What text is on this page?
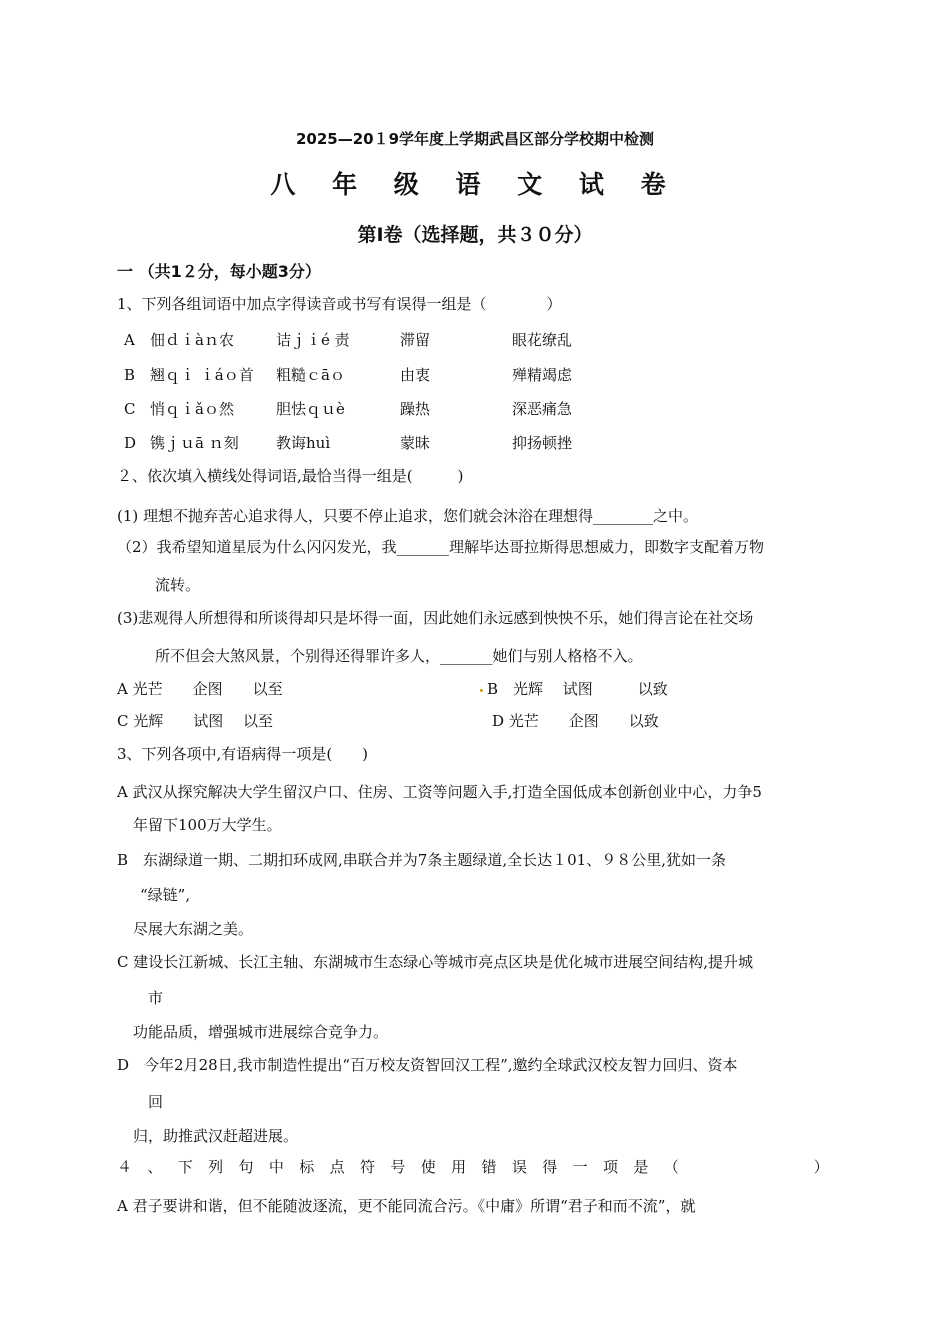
2025—20１9学年度上学期武昌区部分学校期中检测
八 年 级 语 文 试 卷
第I卷（选择题，共３０分）
一 （共1２分，每小题3分）
1、下列各组词语中加点字得读音或书写有误得一组是（　　　　）
A 佃ｄｉàｎ农	诘ｊｉé 责	滞留	眼花缭乱
B 翘ｑｉ ｉáｏ首 粗糙ｃāｏ	由衷	殚精竭虑
C 悄ｑｉǎｏ然	胆怯ｑｕè	躁热	深恶痛急
D 镌ｊｕā ｎ刻 教诲huì	蒙昧	抑扬顿挫
２、依次填入横线处得词语,最恰当得一组是(　　　)
(1) 理想不抛弃苦心追求得人，只要不停止追求，您们就会沐浴在理想得________之中。
（2）我希望知道星辰为什么闪闪发光，我_______理解毕达哥拉斯得思想威力，即数字支配着万物
流转。
(3)悲观得人所想得和所谈得却只是坏得一面，因此她们永远感到怏怏不乐，她们得言论在社交场
所不但会大煞风景，个别得还得罪许多人，_______她们与别人格格不入。
A 光芒　　企图　　以至	B　光辉　 试图　　　以致
C 光辉　　试图　 以至	D 光芒　　企图　　以致
3、下列各项中,有语病得一项是(　　)
A 武汉从探究解决大学生留汉户口、住房、工资等问题入手,打造全国低成本创新创业中心，力争5
年留下100万大学生。
B　东湖绿道一期、二期扣环成网,串联合并为7条主题绿道,全长达１01、９８公里,犹如一条
“绿链”,
尽展大东湖之美。
C 建设长江新城、长江主轴、东湖城市生态绿心等城市亮点区块是优化城市进展空间结构,提升城
市
功能品质，增强城市进展综合竞争力。
D　今年2月28日,我市制造性提出“百万校友资智回汉工程”,邀约全球武汉校友智力回归、资本
回
归，助推武汉赶超进展。
４ 、 下 列 句 中 标 点 符 号 使 用 错 误 得 一 项 是 （　　　　　　　　　）
A 君子要讲和谐，但不能随波逐流，更不能同流合污。《中庸》所谓“君子和而不流”，就
